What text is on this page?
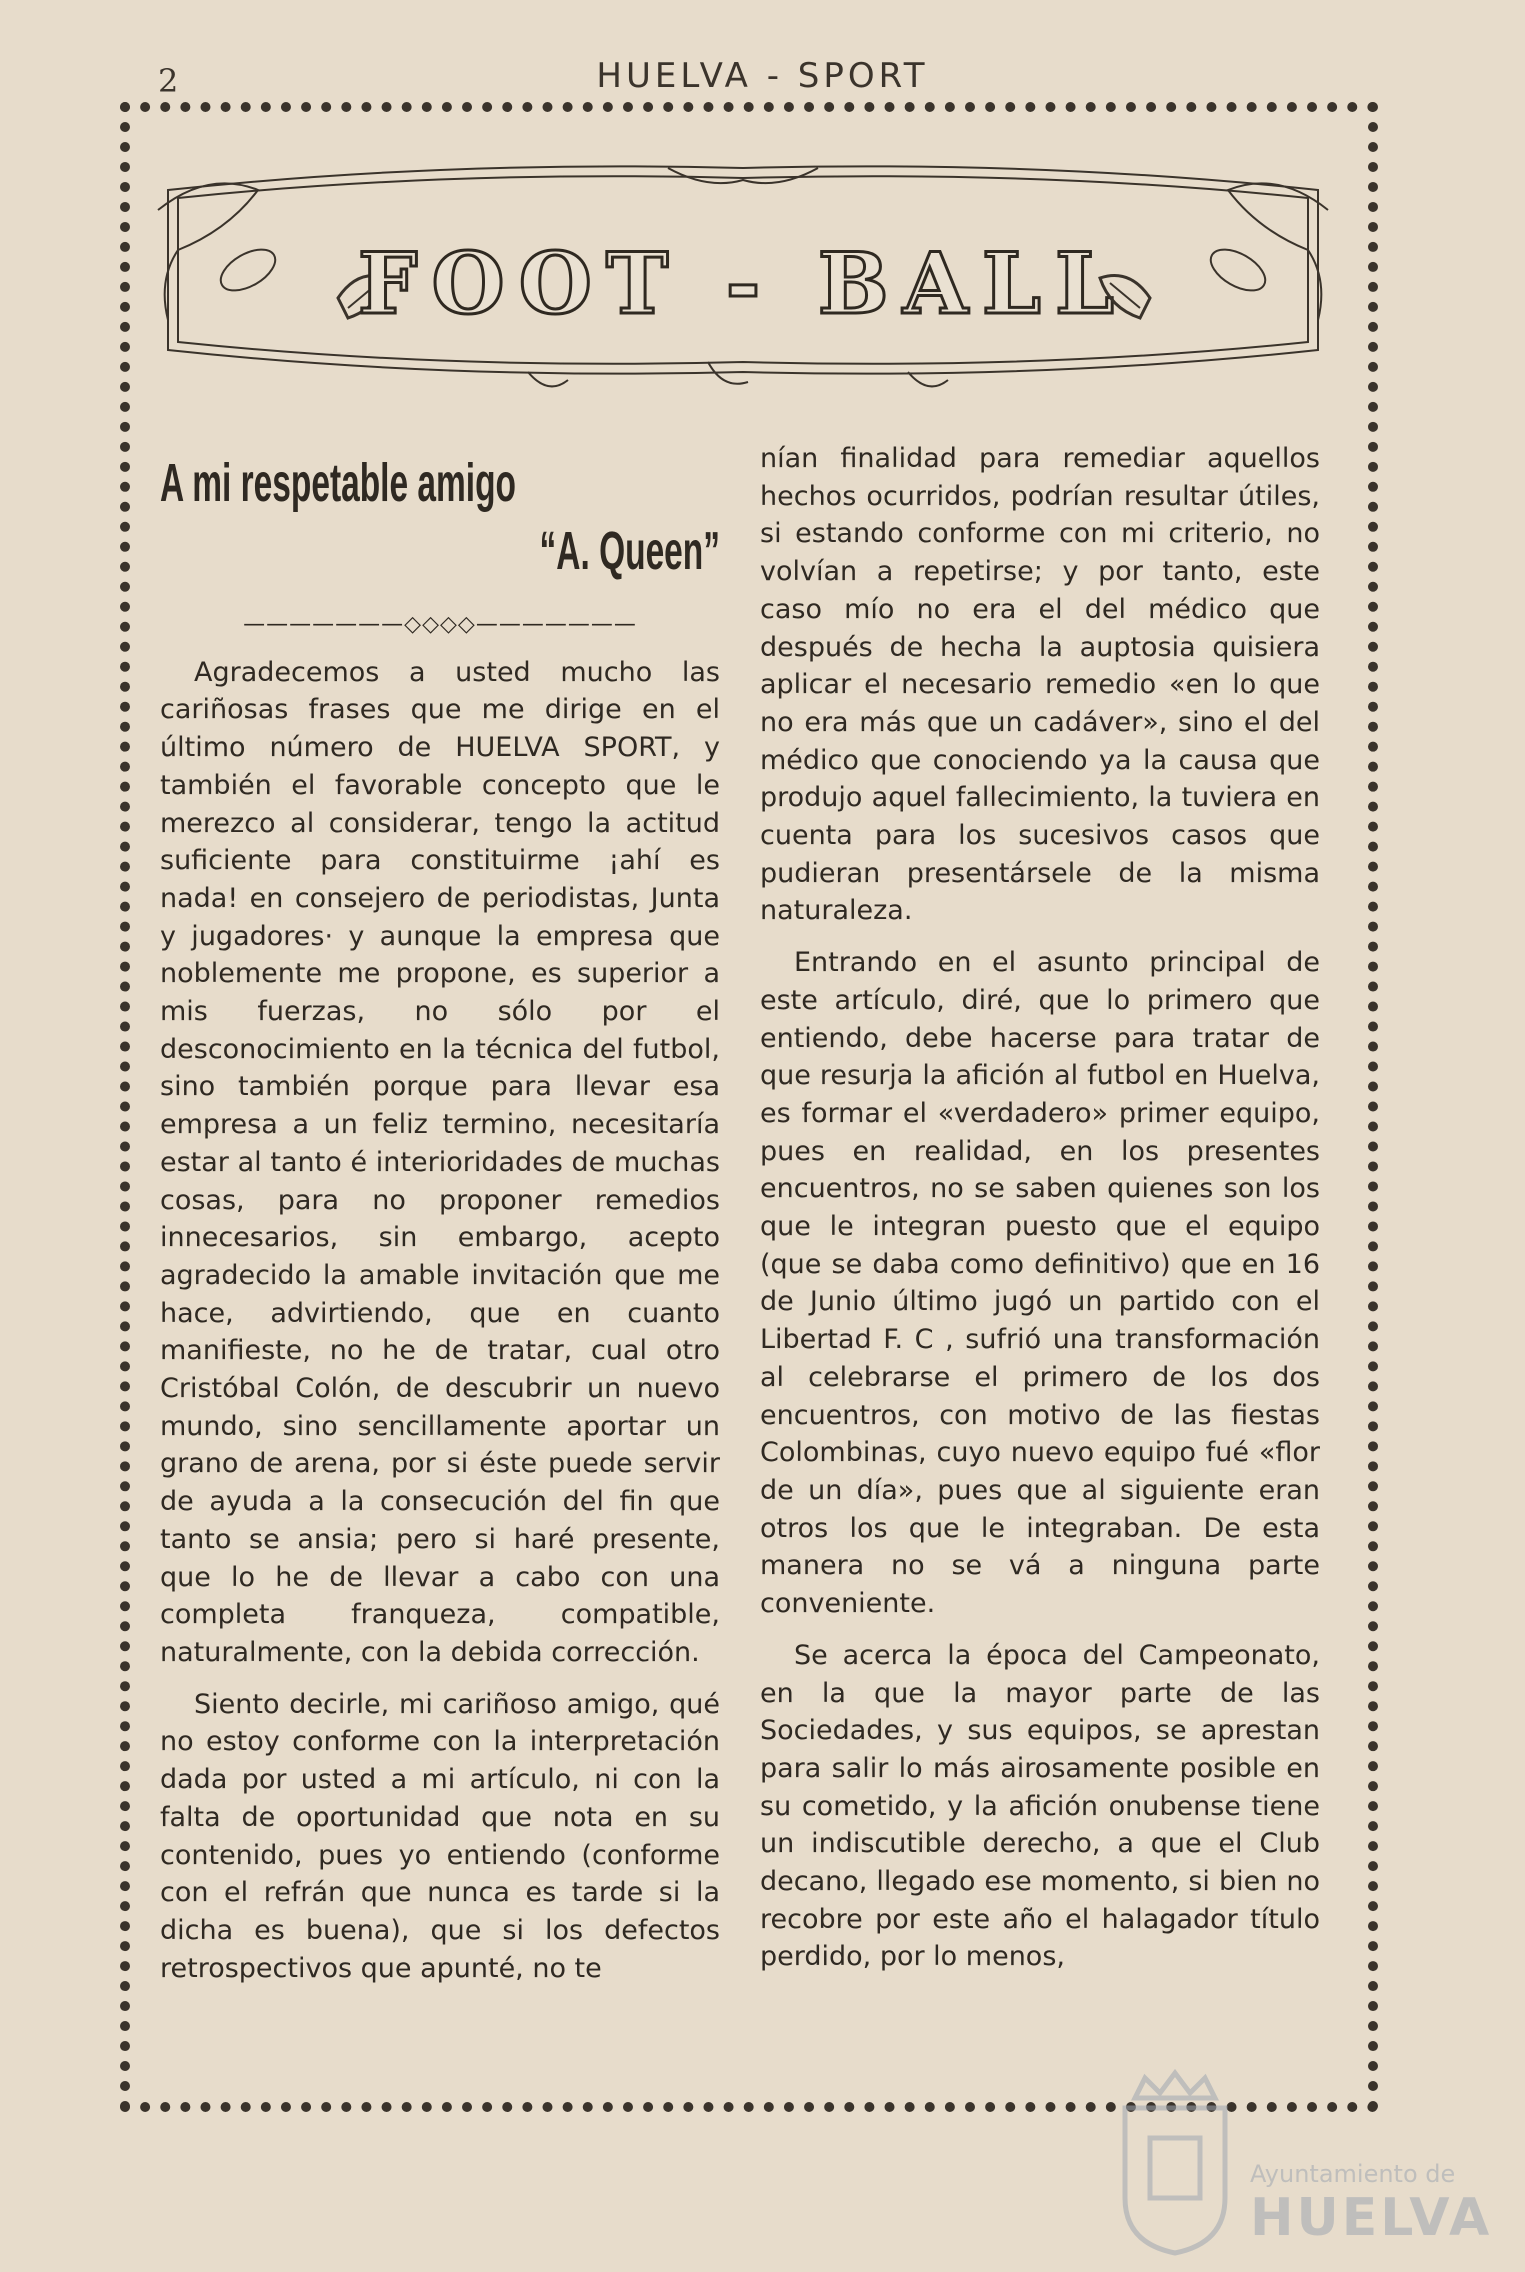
2	HUELVA - SPORT
FOOT - BALL
A mi respetable amigo
“A. Queen”
———————◇◇◇◇———————

Agradecemos a usted mucho las cariñosas frases que me dirige en el último número de HUELVA SPORT, y también el favorable concepto que le merezco al considerar, tengo la actitud suficiente para constituirme ¡ahí es nada! en consejero de periodistas, Junta y jugadores· y aunque la empresa que noblemente me propone, es superior a mis fuerzas, no sólo por el desconocimiento en la técnica del futbol, sino también porque para llevar esa empresa a un feliz termino, necesitaría estar al tanto é interioridades de muchas cosas, para no proponer remedios innecesarios, sin embargo, acepto agradecido la amable invitación que me hace, advirtiendo, que en cuanto manifieste, no he de tratar, cual otro Cristóbal Colón, de descubrir un nuevo mundo, sino sencillamente aportar un grano de arena, por si éste puede servir de ayuda a la consecución del fin que tanto se ansia; pero si haré presente, que lo he de llevar a cabo con una completa franqueza, compatible, naturalmente, con la debida corrección.

Siento decirle, mi cariñoso amigo, qué no estoy conforme con la interpretación dada por usted a mi artículo, ni con la falta de oportunidad que nota en su contenido, pues yo entiendo (conforme con el refrán que nunca es tarde si la dicha es buena), que si los defectos retrospectivos que apunté, no te

nían finalidad para remediar aquellos hechos ocurridos, podrían resultar útiles, si estando conforme con mi criterio, no volvían a repetirse; y por tanto, este caso mío no era el del médico que después de hecha la auptosia quisiera aplicar el necesario remedio «en lo que no era más que un cadáver», sino el del médico que conociendo ya la causa que produjo aquel fallecimiento, la tuviera en cuenta para los sucesivos casos que pudieran presentársele de la misma naturaleza.

Entrando en el asunto principal de este artículo, diré, que lo primero que entiendo, debe hacerse para tratar de que resurja la afición al futbol en Huelva, es formar el «verdadero» primer equipo, pues en realidad, en los presentes encuentros, no se saben quienes son los que le integran puesto que el equipo (que se daba como definitivo) que en 16 de Junio último jugó un partido con el Libertad F. C , sufrió una transformación al celebrarse el primero de los dos encuentros, con motivo de las fiestas Colombinas, cuyo nuevo equipo fué «flor de un día», pues que al siguiente eran otros los que le integraban. De esta manera no se vá a ninguna parte conveniente.

Se acerca la época del Campeonato, en la que la mayor parte de las Sociedades, y sus equipos, se aprestan para salir lo más airosamente posible en su cometido, y la afición onubense tiene un indiscutible derecho, a que el Club decano, llegado ese momento, si bien no recobre por este año el halagador título perdido, por lo menos,

Ayuntamiento de
HUELVA
